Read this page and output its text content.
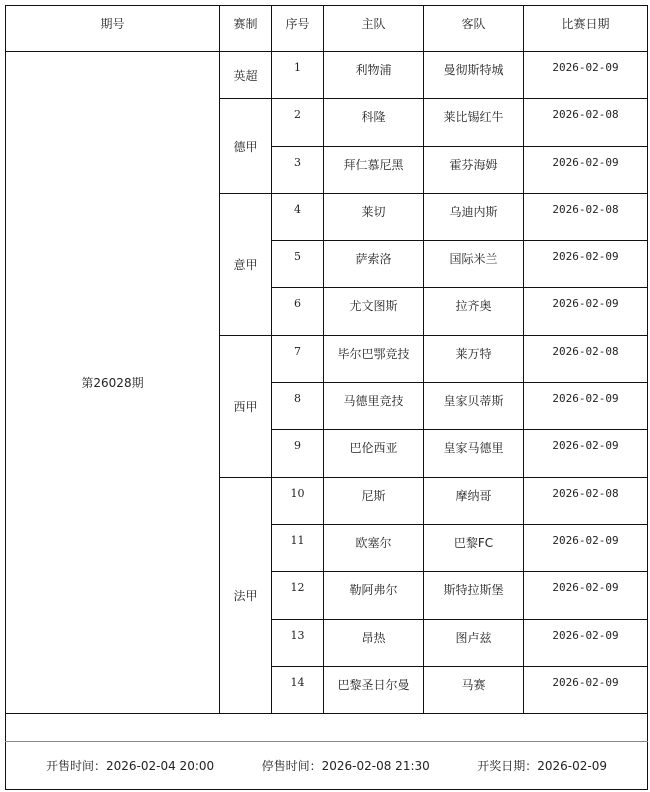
期号	赛制	序号	主队	客队	比赛日期
第26028期	英超	1	利物浦	曼彻斯特城	2026-02-09
	德甲	2	科隆	莱比锡红牛	2026-02-08
		3	拜仁慕尼黑	霍芬海姆	2026-02-09
	意甲	4	莱切	乌迪内斯	2026-02-08
		5	萨索洛	国际米兰	2026-02-09
		6	尤文图斯	拉齐奥	2026-02-09
	西甲	7	毕尔巴鄂竞技	莱万特	2026-02-08
		8	马德里竞技	皇家贝蒂斯	2026-02-09
		9	巴伦西亚	皇家马德里	2026-02-09
	法甲	10	尼斯	摩纳哥	2026-02-08
		11	欧塞尔	巴黎FC	2026-02-09
		12	勒阿弗尔	斯特拉斯堡	2026-02-09
		13	昂热	图卢兹	2026-02-09
		14	巴黎圣日尔曼	马赛	2026-02-09

开售时间：2026-02-04 20:00 停售时间：2026-02-08 21:30 开奖日期：2026-02-09					
